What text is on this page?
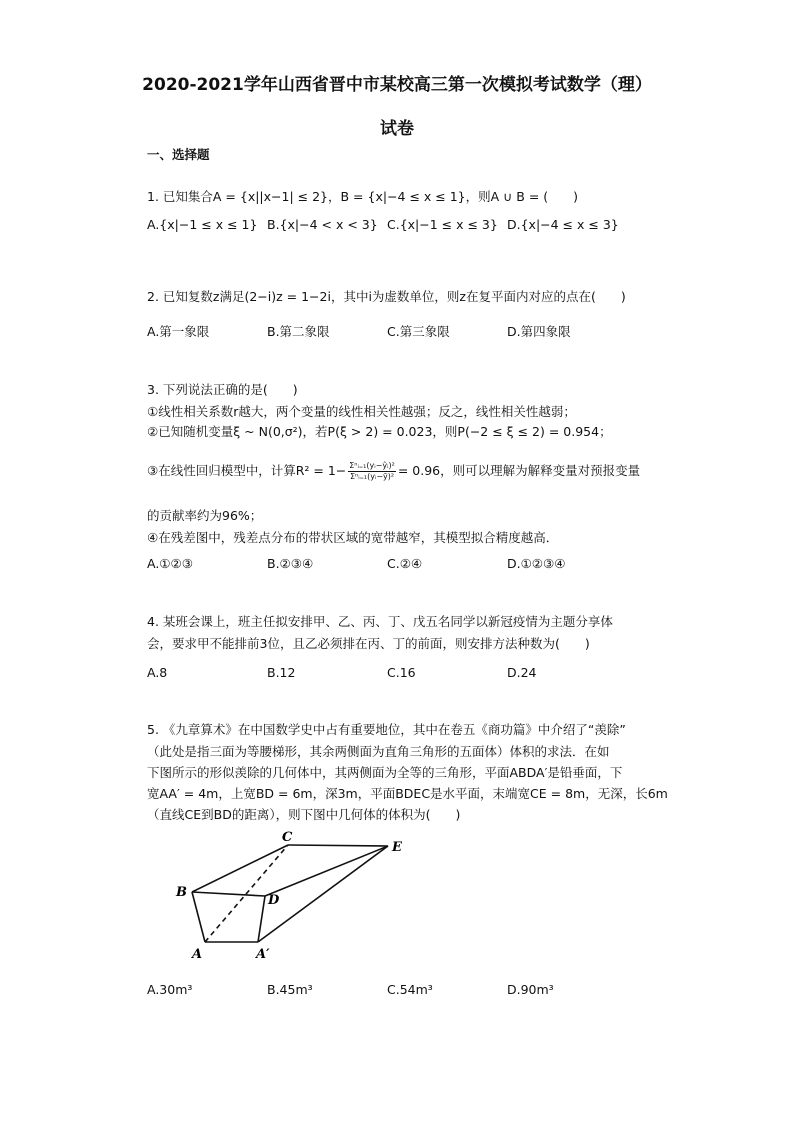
2020-2021学年山西省晋中市某校高三第一次模拟考试数学（理）
试卷
一、选择题
1. 已知集合A = {x||x−1| ≤ 2}，B = {x|−4 ≤ x ≤ 1}，则A ∪ B = (　　)
A.{x|−1 ≤ x ≤ 1} B.{x|−4 < x < 3} C.{x|−1 ≤ x ≤ 3} D.{x|−4 ≤ x ≤ 3}
2. 已知复数z满足(2−i)z = 1−2i，其中i为虚数单位，则z在复平面内对应的点在(　　)
A.第一象限	B.第二象限	C.第三象限	D.第四象限
3. 下列说法正确的是(　　)
①线性相关系数r越大，两个变量的线性相关性越强；反之，线性相关性越弱；
②已知随机变量ξ ~ N(0,σ²)，若P(ξ > 2) = 0.023，则P(−2 ≤ ξ ≤ 2) = 0.954；
③在线性回归模型中，计算$R^2 = 1- \frac{\text{Σⁿᵢ₌₁(yᵢ−ŷᵢ)²}}{\text{Σⁿᵢ₌₁(yᵢ−ȳ)²}} = 0.96$，则可以理解为解释变量对预报变量
的贡献率约为96%；
④在残差图中，残差点分布的带状区域的宽带越窄，其模型拟合精度越高．
A.①②③	B.②③④	C.②④	D.①②③④
4. 某班会课上，班主任拟安排甲、乙、丙、丁、戊五名同学以新冠疫情为主题分享体
会，要求甲不能排前3位，且乙必须排在丙、丁的前面，则安排方法种数为(　　)
A.8	B.12	C.16	D.24
5. 《九章算术》在中国数学史中占有重要地位，其中在卷五《商功篇》中介绍了“羡除”
（此处是指三面为等腰梯形，其余两侧面为直角三角形的五面体）体积的求法．在如
下图所示的形似羡除的几何体中，其两侧面为全等的三角形，平面ABDA′是铅垂面，下
宽AA′ = 4m，上宽BD = 6m，深3m，平面BDEC是水平面，末端宽CE = 8m，无深，长6m
（直线CE到BD的距离），则下图中几何体的体积为(　　)
C
E
B
D
A	A′
A.30m³	B.45m³	C.54m³	D.90m³
